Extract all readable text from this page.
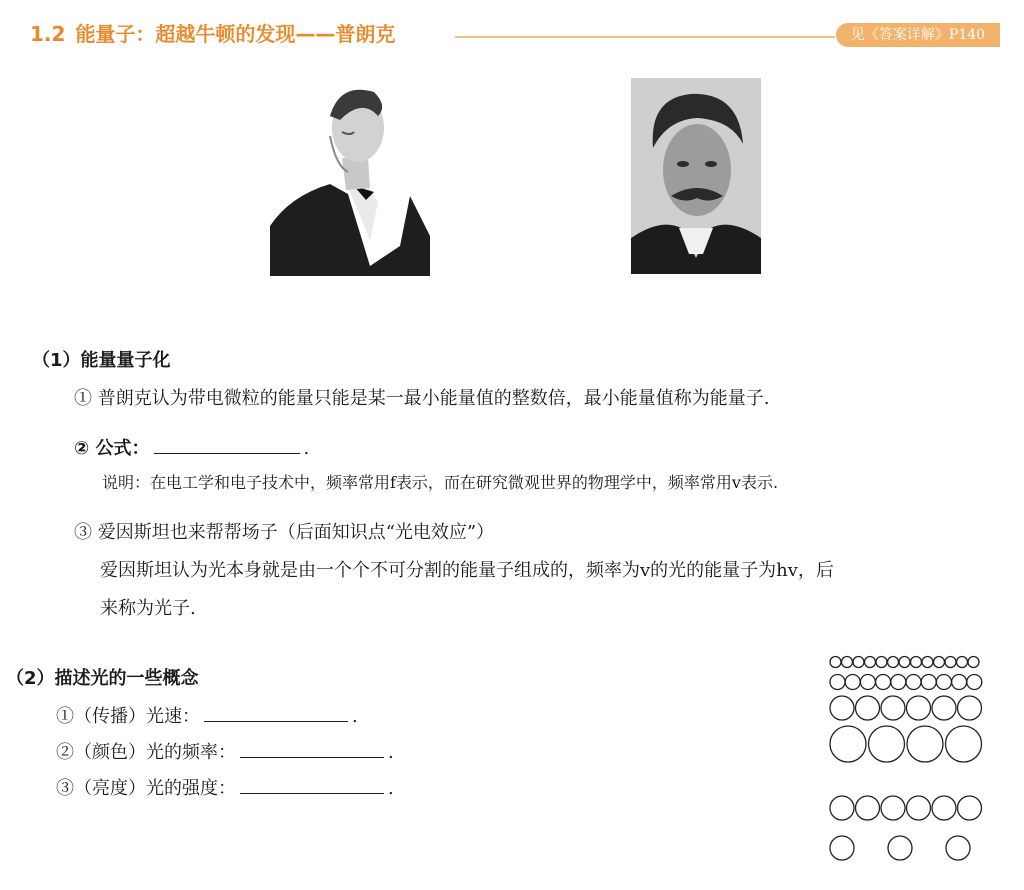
1.2 能量子：超越牛顿的发现——普朗克	见《答案详解》P140
（1）能量量子化
① 普朗克认为带电微粒的能量只能是某一最小能量值的整数倍，最小能量值称为能量子.
② 公式：	.
说明：在电工学和电子技术中，频率常用f表示，而在研究微观世界的物理学中，频率常用v表示.
③ 爱因斯坦也来帮帮场子（后面知识点“光电效应”）
爱因斯坦认为光本身就是由一个个不可分割的能量子组成的，频率为v的光的能量子为hv，后
来称为光子.
（2）描述光的一些概念
①（传播）光速：	.
②（颜色）光的频率：	.
③（亮度）光的强度：	.
